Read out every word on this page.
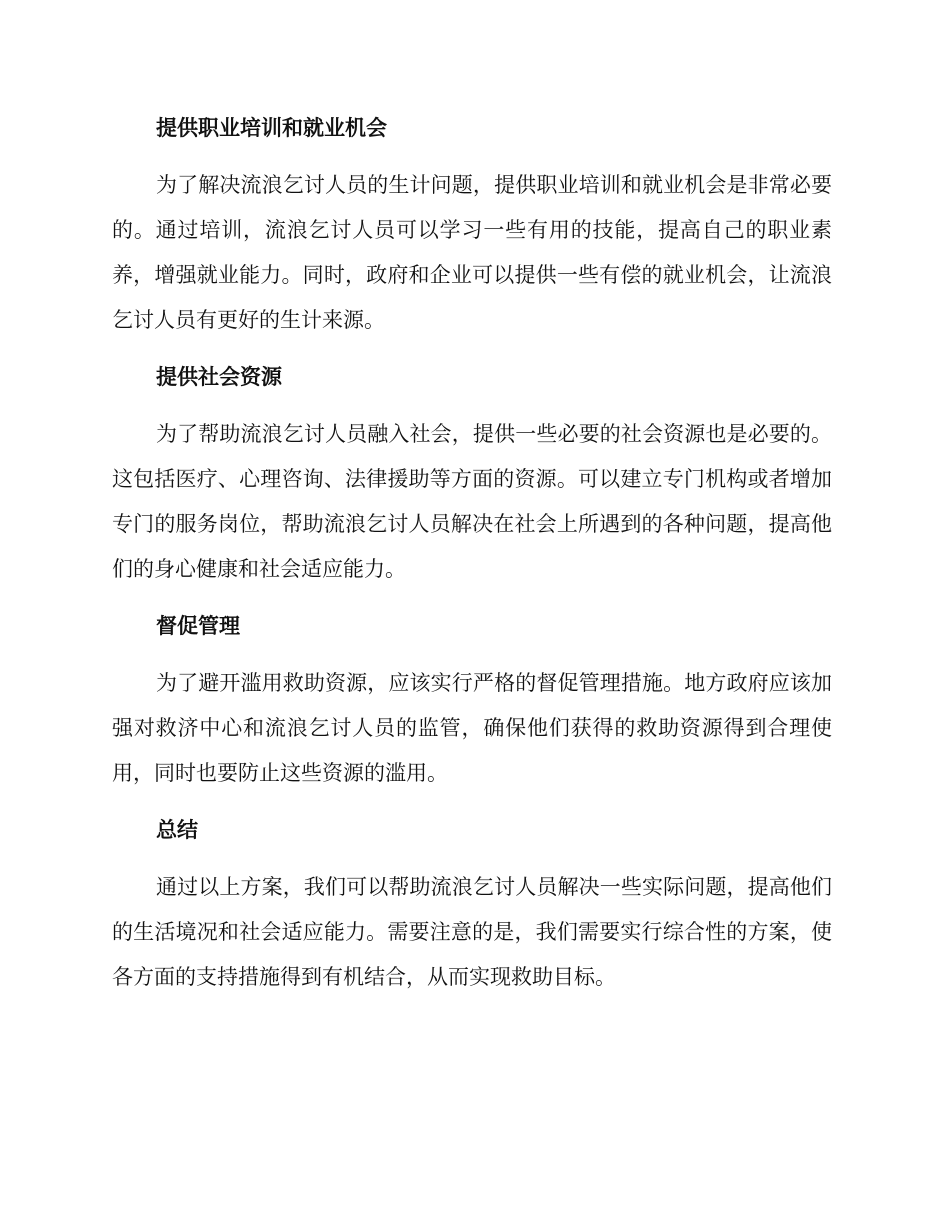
提供职业培训和就业机会

为了解决流浪乞讨人员的生计问题，提供职业培训和就业机会是非常必要的。通过培训，流浪乞讨人员可以学习一些有用的技能，提高自己的职业素养，增强就业能力。同时，政府和企业可以提供一些有偿的就业机会，让流浪乞讨人员有更好的生计来源。

提供社会资源

为了帮助流浪乞讨人员融入社会，提供一些必要的社会资源也是必要的。这包括医疗、心理咨询、法律援助等方面的资源。可以建立专门机构或者增加专门的服务岗位，帮助流浪乞讨人员解决在社会上所遇到的各种问题，提高他们的身心健康和社会适应能力。

督促管理

为了避开滥用救助资源，应该实行严格的督促管理措施。地方政府应该加强对救济中心和流浪乞讨人员的监管，确保他们获得的救助资源得到合理使用，同时也要防止这些资源的滥用。

总结

通过以上方案，我们可以帮助流浪乞讨人员解决一些实际问题，提高他们的生活境况和社会适应能力。需要注意的是，我们需要实行综合性的方案，使各方面的支持措施得到有机结合，从而实现救助目标。
